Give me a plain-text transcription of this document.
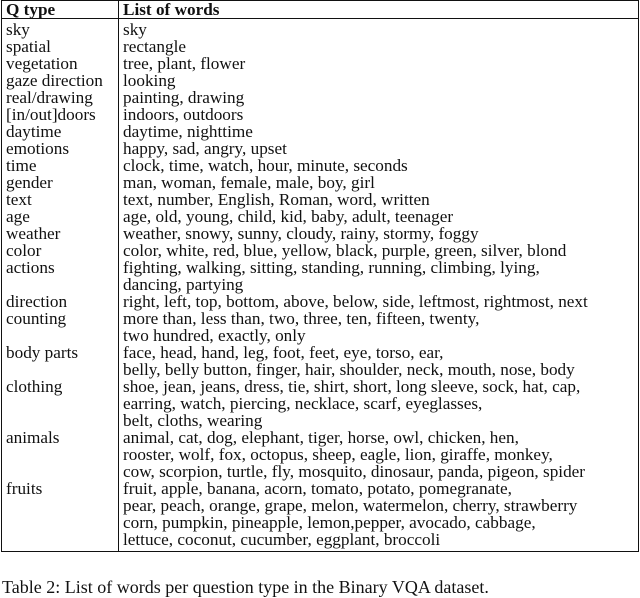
Q type	List of words
sky	sky

spatial	rectangle

vegetation	tree, plant, flower

gaze direction	looking

real/drawing	painting, drawing

[in/out]doors	indoors, outdoors

daytime	daytime, nighttime

emotions	happy, sad, angry, upset

time	clock, time, watch, hour, minute, seconds

gender	man, woman, female, male, boy, girl

text	text, number, English, Roman, word, written

age	age, old, young, child, kid, baby, adult, teenager

weather	weather, snowy, sunny, cloudy, rainy, stormy, foggy

color	color, white, red, blue, yellow, black, purple, green, silver, blond

actions	fighting, walking, sitting, standing, running, climbing, lying,
dancing, partying

direction	right, left, top, bottom, above, below, side, leftmost, rightmost, next

counting	more than, less than, two, three, ten, fifteen, twenty,
two hundred, exactly, only

body parts	face, head, hand, leg, foot, feet, eye, torso, ear,
belly, belly button, finger, hair, shoulder, neck, mouth, nose, body

clothing	shoe, jean, jeans, dress, tie, shirt, short, long sleeve, sock, hat, cap,
earring, watch, piercing, necklace, scarf, eyeglasses,
belt, cloths, wearing

animals	animal, cat, dog, elephant, tiger, horse, owl, chicken, hen,
rooster, wolf, fox, octopus, sheep, eagle, lion, giraffe, monkey,
cow, scorpion, turtle, fly, mosquito, dinosaur, panda, pigeon, spider

fruits	fruit, apple, banana, acorn, tomato, potato, pomegranate,
pear, peach, orange, grape, melon, watermelon, cherry, strawberry
corn, pumpkin, pineapple, lemon,pepper, avocado, cabbage,
lettuce, coconut, cucumber, eggplant, broccoli
Table 2: List of words per question type in the Binary VQA dataset.
